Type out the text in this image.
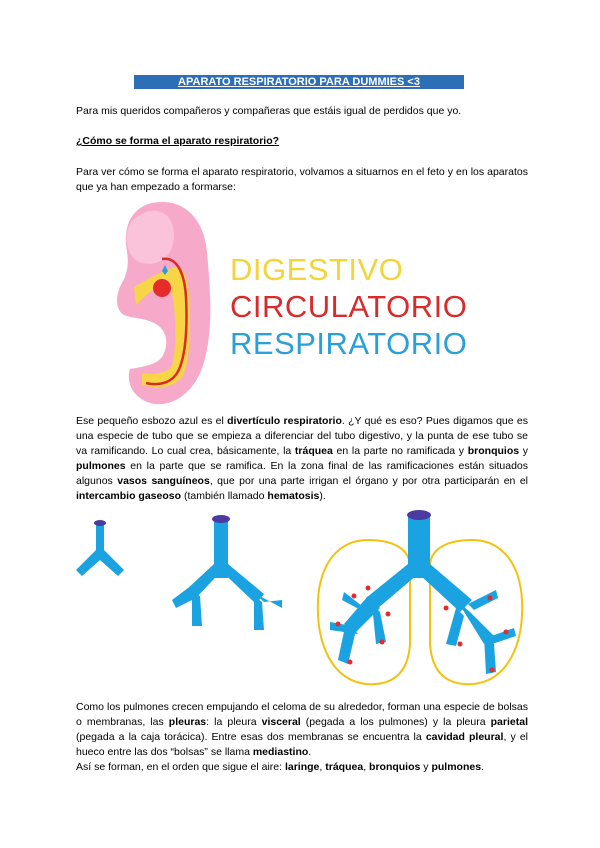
APARATO RESPIRATORIO PARA DUMMIES <3
Para mis queridos compañeros y compañeras que estáis igual de perdidos que yo.
¿Cómo se forma el aparato respiratorio?
Para ver cómo se forma el aparato respiratorio, volvamos a situarnos en el feto y en los aparatos que ya han empezado a formarse:
DIGESTIVO
CIRCULATORIO
RESPIRATORIO
Ese pequeño esbozo azul es el divertículo respiratorio. ¿Y qué es eso? Pues digamos que es una especie de tubo que se empieza a diferenciar del tubo digestivo, y la punta de ese tubo se va ramificando. Lo cual crea, básicamente, la tráquea en la parte no ramificada y bronquios y pulmones en la parte que se ramifica. En la zona final de las ramificaciones están situados algunos vasos sanguíneos, que por una parte irrigan el órgano y por otra participarán en el intercambio gaseoso (también llamado hematosis).
Como los pulmones crecen empujando el celoma de su alrededor, forman una especie de bolsas o membranas, las pleuras: la pleura visceral (pegada a los pulmones) y la pleura parietal (pegada a la caja torácica). Entre esas dos membranas se encuentra la cavidad pleural, y el hueco entre las dos “bolsas” se llama mediastino.
Así se forman, en el orden que sigue el aire: laringe, tráquea, bronquios y pulmones.
